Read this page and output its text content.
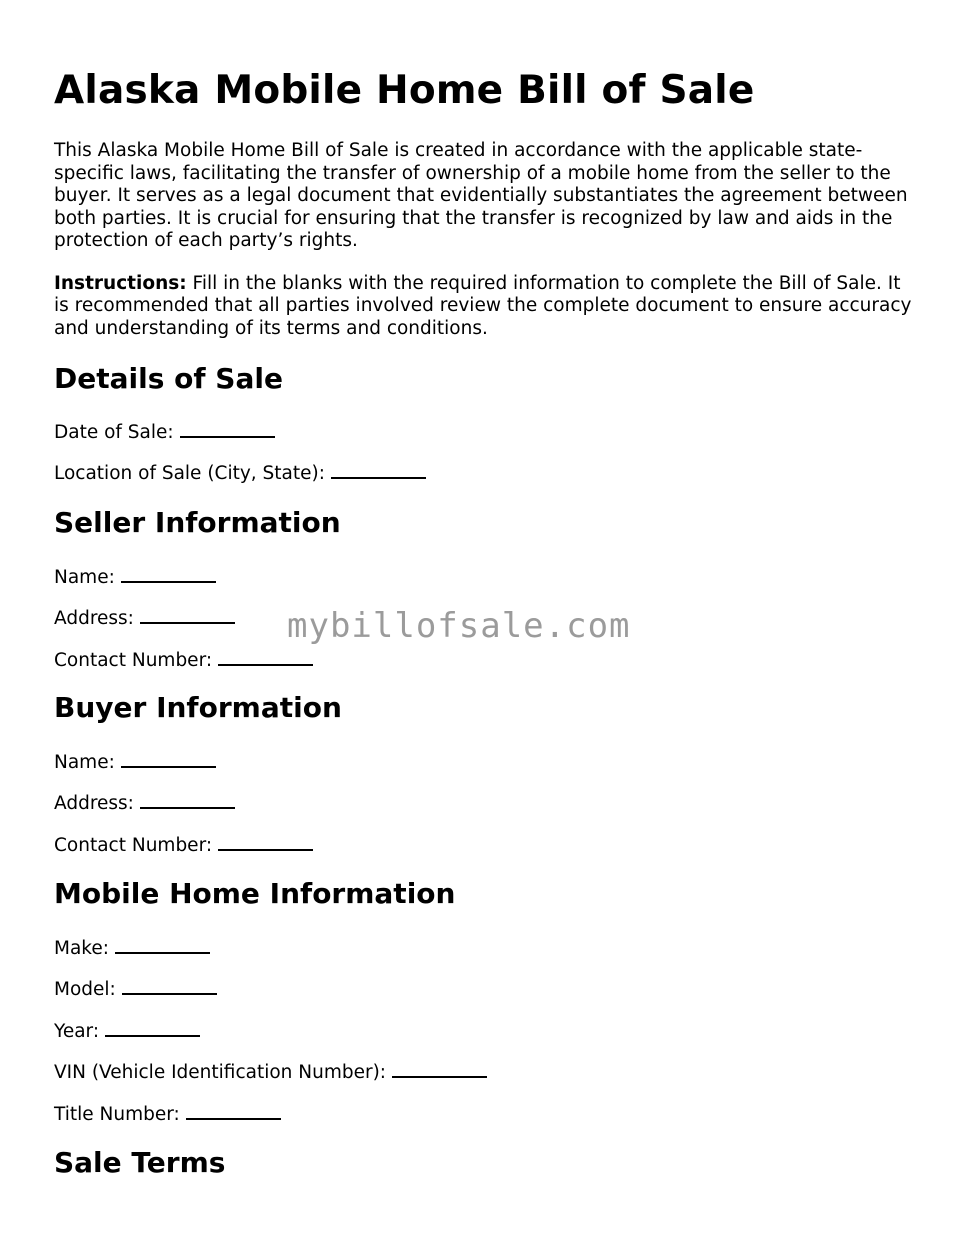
Alaska Mobile Home Bill of Sale

This Alaska Mobile Home Bill of Sale is created in accordance with the applicable state-specific laws, facilitating the transfer of ownership of a mobile home from the seller to the buyer. It serves as a legal document that evidentially substantiates the agreement between both parties. It is crucial for ensuring that the transfer is recognized by law and aids in the protection of each party’s rights.

Instructions: Fill in the blanks with the required information to complete the Bill of Sale. It is recommended that all parties involved review the complete document to ensure accuracy and understanding of its terms and conditions.

Details of Sale

Date of Sale:

Location of Sale (City, State):

Seller Information

Name:

Address:

Contact Number:

Buyer Information

Name:

Address:

Contact Number:

Mobile Home Information

Make:

Model:

Year:

VIN (Vehicle Identification Number):

Title Number:

Sale Terms
mybillofsale.com
